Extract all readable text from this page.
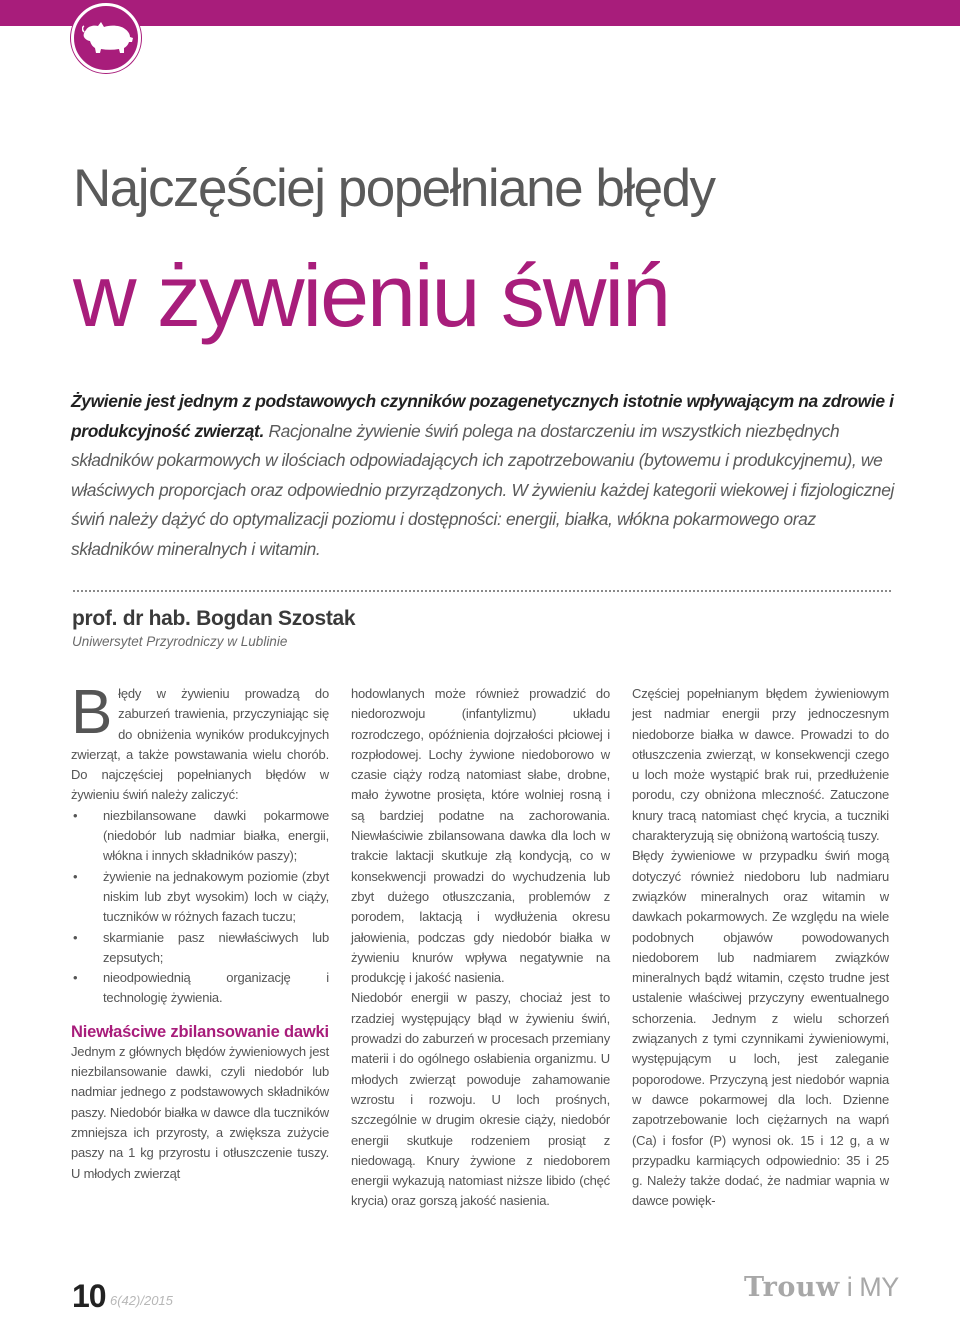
Najczęściej popełniane błędy
w żywieniu świń

Żywienie jest jednym z podstawowych czynników pozagenetycznych istotnie wpływającym na zdrowie i produkcyjność zwierząt. Racjonalne żywienie świń polega na dostarczeniu im wszystkich niezbędnych składników pokarmowych w ilościach odpowiadających ich zapotrzebowaniu (bytowemu i produkcyjnemu), we właściwych proporcjach oraz odpowiednio przyrządzonych. W żywieniu każdej kategorii wiekowej i fizjologicznej świń należy dążyć do optymalizacji poziomu i dostępności: energii, białka, włókna pokarmowego oraz składników mineralnych i witamin.

prof. dr hab. Bogdan Szostak
Uniwersytet Przyrodniczy w Lublinie

Błędy w żywieniu prowadzą do zaburzeń trawienia, przyczyniając się do obniżenia wyników produkcyjnych zwierząt, a także powstawania wielu chorób. Do najczęściej popełnianych błędów w żywieniu świń należy zaliczyć:

• niezbilansowane dawki pokarmowe (niedobór lub nadmiar białka, energii, włókna i innych składników paszy);
• żywienie na jednakowym poziomie (zbyt niskim lub zbyt wysokim) loch w ciąży, tuczników w różnych fazach tuczu;
• skarmianie pasz niewłaściwych lub zepsutych;
• nieodpowiednią organizację i technologię żywienia.
Niewłaściwe zbilansowanie dawki

Jednym z głównych błędów żywieniowych jest niezbilansowanie dawki, czyli niedobór lub nadmiar jednego z podstawowych składników paszy. Niedobór białka w dawce dla tuczników zmniejsza ich przyrosty, a zwiększa zużycie paszy na 1 kg przyrostu i otłuszczenie tuszy. U młodych zwierząt

hodowlanych może również prowadzić do niedorozwoju (infantylizmu) układu rozrodczego, opóźnienia dojrzałości płciowej i rozpłodowej. Lochy żywione niedoborowo w czasie ciąży rodzą natomiast słabe, drobne, mało żywotne prosięta, które wolniej rosną i są bardziej podatne na zachorowania. Niewłaściwie zbilansowana dawka dla loch w trakcie laktacji skutkuje złą kondycją, co w konsekwencji prowadzi do wychudzenia lub zbyt dużego otłuszczania, problemów z porodem, laktacją i wydłużenia okresu jałowienia, podczas gdy niedobór białka w żywieniu knurów wpływa negatywnie na produkcję i jakość nasienia.

Niedobór energii w paszy, chociaż jest to rzadziej występujący błąd w żywieniu świń, prowadzi do zaburzeń w procesach przemiany materii i do ogólnego osłabienia organizmu. U młodych zwierząt powoduje zahamowanie wzrostu i rozwoju. U loch prośnych, szczególnie w drugim okresie ciąży, niedobór energii skutkuje rodzeniem prosiąt z niedowagą. Knury żywione z niedoborem energii wykazują natomiast niższe libido (chęć krycia) oraz gorszą jakość nasienia.

Częściej popełnianym błędem żywieniowym jest nadmiar energii przy jednoczesnym niedoborze białka w dawce. Prowadzi to do otłuszczenia zwierząt, w konsekwencji czego u loch może wystąpić brak rui, przedłużenie porodu, czy obniżona mleczność. Zatuczone knury tracą natomiast chęć krycia, a tuczniki charakteryzują się obniżoną wartością tuszy.

Błędy żywieniowe w przypadku świń mogą dotyczyć również niedoboru lub nadmiaru związków mineralnych oraz witamin w dawkach pokarmowych. Ze względu na wiele podobnych objawów powodowanych niedoborem lub nadmiarem związków mineralnych bądź witamin, często trudne jest ustalenie właściwej przyczyny ewentualnego schorzenia. Jednym z wielu schorzeń związanych z tymi czynnikami żywieniowymi, występującym u loch, jest zaleganie poporodowe. Przyczyną jest niedobór wapnia w dawce pokarmowej dla loch. Dzienne zapotrzebowanie loch ciężarnych na wapń (Ca) i fosfor (P) wynosi ok. 15 i 12 g, a w przypadku karmiących odpowiednio: 35 i 25 g. Należy także dodać, że nadmiar wapnia w dawce powięk-

10 6(42)/2015	Trouw i MY
